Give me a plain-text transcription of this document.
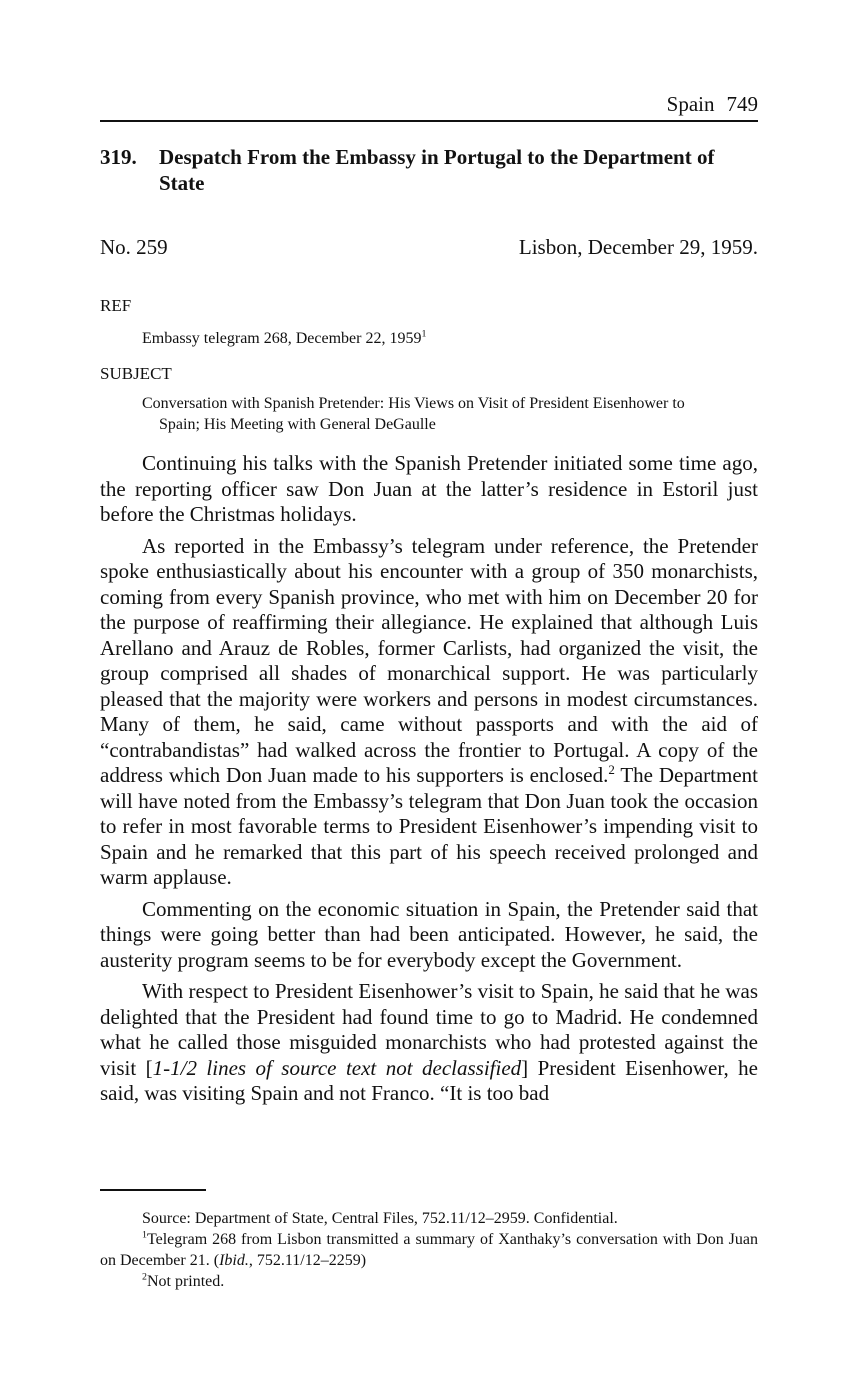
Spain 749
319.	Despatch From the Embassy in Portugal to the Department of State
No. 259	Lisbon, December 29, 1959.
REF
Embassy telegram 268, December 22, 1959$^1$
SUBJECT
Conversation with Spanish Pretender: His Views on Visit of President Eisenhower to Spain; His Meeting with General DeGaulle

Continuing his talks with the Spanish Pretender initiated some time ago, the reporting officer saw Don Juan at the latter’s residence in Estoril just before the Christmas holidays.

As reported in the Embassy’s telegram under reference, the Pretender spoke enthusiastically about his encounter with a group of 350 monarchists, coming from every Spanish province, who met with him on December 20 for the purpose of reaffirming their allegiance. He explained that although Luis Arellano and Arauz de Robles, former Carlists, had organized the visit, the group comprised all shades of monarchical support. He was particularly pleased that the majority were workers and persons in modest circumstances. Many of them, he said, came without passports and with the aid of “contrabandistas” had walked across the frontier to Portugal. A copy of the address which Don Juan made to his supporters is enclosed.$^2$ The Department will have noted from the Embassy’s telegram that Don Juan took the occasion to refer in most favorable terms to President Eisenhower’s impending visit to Spain and he remarked that this part of his speech received prolonged and warm applause.

Commenting on the economic situation in Spain, the Pretender said that things were going better than had been anticipated. However, he said, the austerity program seems to be for everybody except the Government.

With respect to President Eisenhower’s visit to Spain, he said that he was delighted that the President had found time to go to Madrid. He condemned what he called those misguided monarchists who had protested against the visit [1-1/2 lines of source text not declassified] President Eisenhower, he said, was visiting Spain and not Franco. “It is too bad

Source: Department of State, Central Files, 752.11/12–2959. Confidential.

$^1$Telegram 268 from Lisbon transmitted a summary of Xanthaky’s conversation with Don Juan on December 21. (Ibid., 752.11/12–2259)

$^2$Not printed.
